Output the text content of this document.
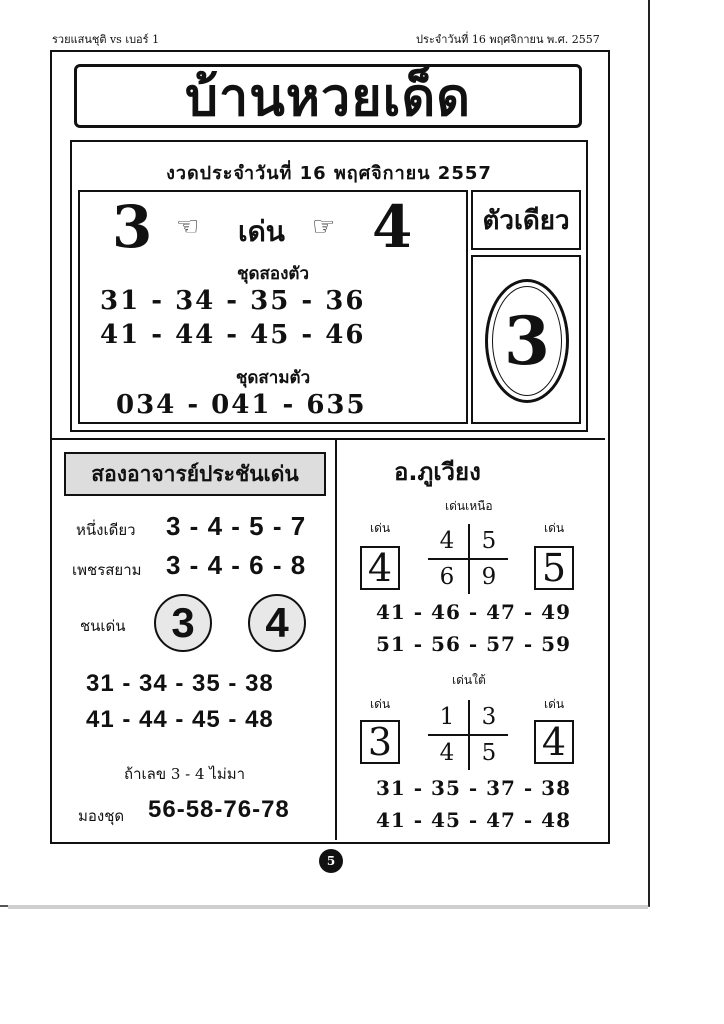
รวยแสนชุติ vs เบอร์ 1	ประจำวันที่ 16 พฤศจิกายน พ.ศ. 2557
บ้านหวยเด็ด
งวดประจำวันที่ 16 พฤศจิกายน 2557
3 ☜ เด่น ☞ 4
ชุดสองตัว
31 - 34 - 35 - 36
41 - 44 - 45 - 46
ชุดสามตัว
034 - 041 - 635
ตัวเดียว
3
สองอาจารย์ประชันเด่น
หนึ่งเดียว 3 - 4 - 5 - 7
เพชรสยาม 3 - 4 - 6 - 8
ชนเด่น	3	4
31 - 34 - 35 - 38
41 - 44 - 45 - 48
ถ้าเลข 3 - 4 ไม่มา
มองชุด 56-58-76-78
อ.ภูเวียง
เด่นเหนือ
เด่น	เด่น
4	5
4	5
6	9
41 - 46 - 47 - 49
51 - 56 - 57 - 59
เด่นใต้
เด่น	เด่น
3	4
1	3
4	5
31 - 35 - 37 - 38
41 - 45 - 47 - 48
5
